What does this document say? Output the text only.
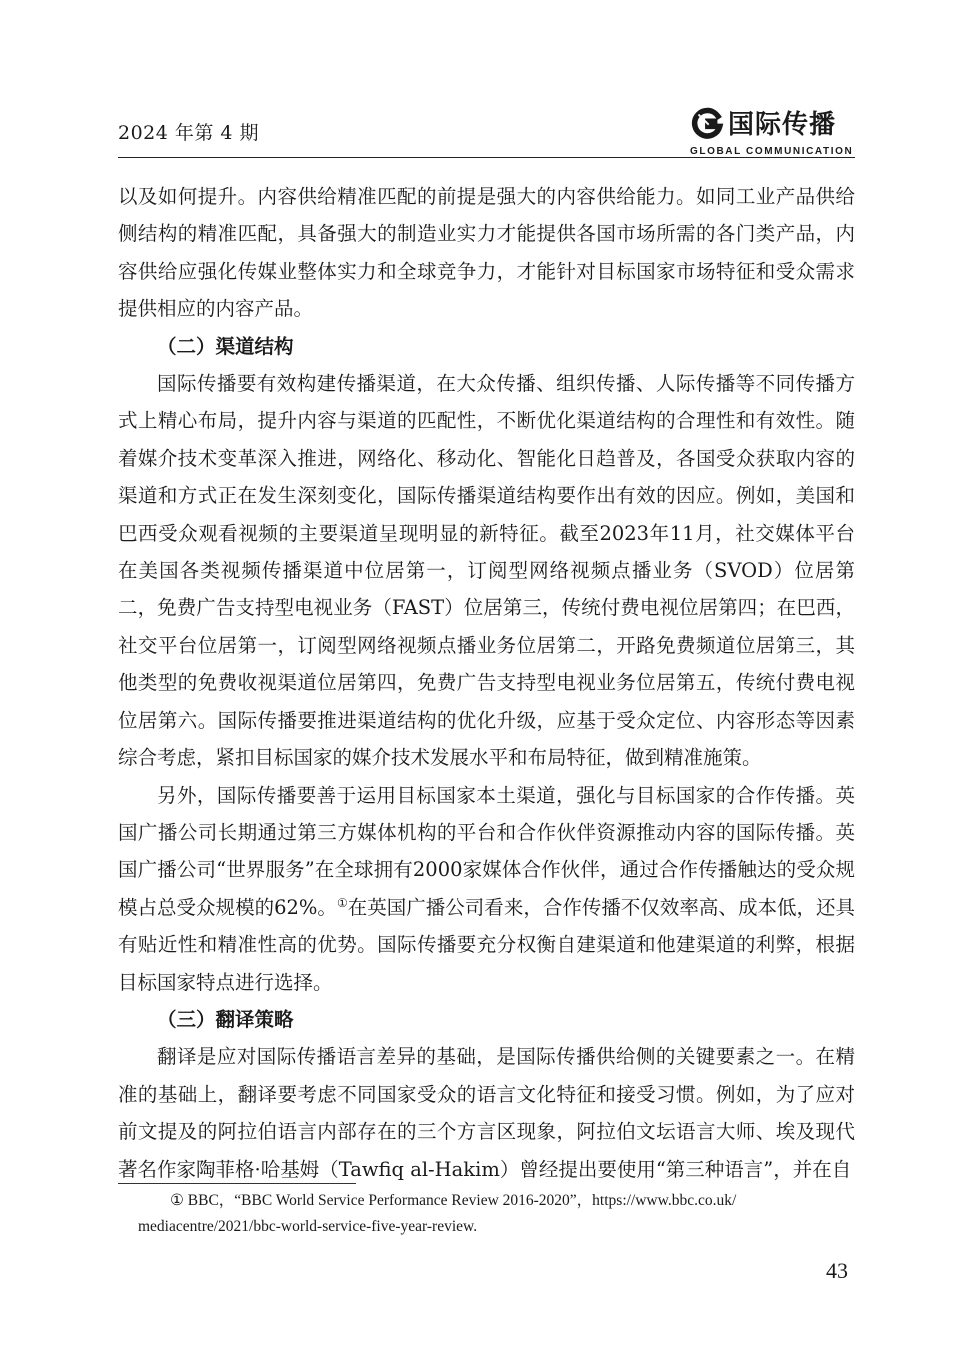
2024 年第 4 期	国际传播
GLOBAL COMMUNICATION

以及如何提升。内容供给精准匹配的前提是强大的内容供给能力。如同工业产品供给侧结构的精准匹配，具备强大的制造业实力才能提供各国市场所需的各门类产品，内容供给应强化传媒业整体实力和全球竞争力，才能针对目标国家市场特征和受众需求提供相应的内容产品。

（二）渠道结构

国际传播要有效构建传播渠道，在大众传播、组织传播、人际传播等不同传播方式上精心布局，提升内容与渠道的匹配性，不断优化渠道结构的合理性和有效性。随着媒介技术变革深入推进，网络化、移动化、智能化日趋普及，各国受众获取内容的渠道和方式正在发生深刻变化，国际传播渠道结构要作出有效的因应。例如，美国和巴西受众观看视频的主要渠道呈现明显的新特征。截至2023年11月，社交媒体平台在美国各类视频传播渠道中位居第一，订阅型网络视频点播业务（SVOD）位居第二，免费广告支持型电视业务（FAST）位居第三，传统付费电视位居第四；在巴西，社交平台位居第一，订阅型网络视频点播业务位居第二，开路免费频道位居第三，其他类型的免费收视渠道位居第四，免费广告支持型电视业务位居第五，传统付费电视位居第六。国际传播要推进渠道结构的优化升级，应基于受众定位、内容形态等因素综合考虑，紧扣目标国家的媒介技术发展水平和布局特征，做到精准施策。

另外，国际传播要善于运用目标国家本土渠道，强化与目标国家的合作传播。英国广播公司长期通过第三方媒体机构的平台和合作伙伴资源推动内容的国际传播。英国广播公司“世界服务”在全球拥有2000家媒体合作伙伴，通过合作传播触达的受众规模占总受众规模的62%。①在英国广播公司看来，合作传播不仅效率高、成本低，还具有贴近性和精准性高的优势。国际传播要充分权衡自建渠道和他建渠道的利弊，根据目标国家特点进行选择。

（三）翻译策略

翻译是应对国际传播语言差异的基础，是国际传播供给侧的关键要素之一。在精准的基础上，翻译要考虑不同国家受众的语言文化特征和接受习惯。例如，为了应对前文提及的阿拉伯语言内部存在的三个方言区现象，阿拉伯文坛语言大师、埃及现代著名作家陶菲格·哈基姆（Tawfiq al-Hakim）曾经提出要使用“第三种语言”，并在自

① BBC，“BBC World Service Performance Review 2016-2020”，https://www.bbc.co.uk/
mediacentre/2021/bbc-world-service-five-year-review.
43
